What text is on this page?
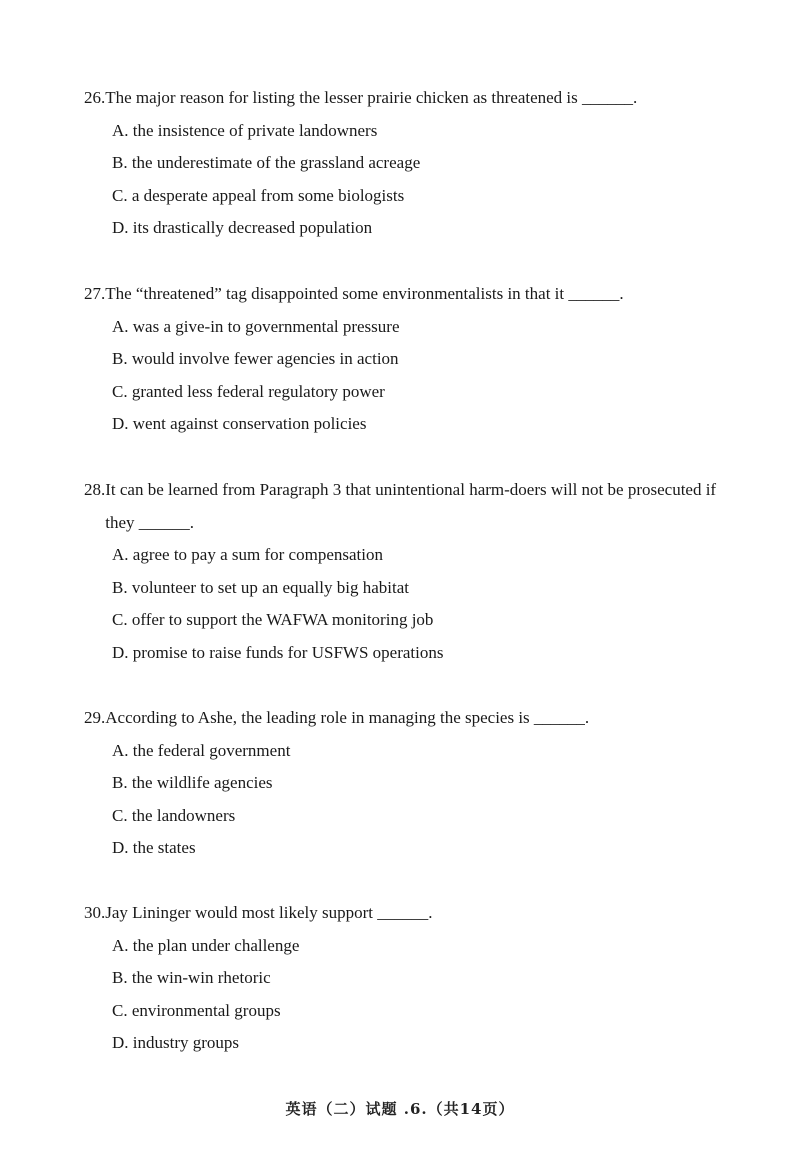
26. The major reason for listing the lesser prairie chicken as threatened is ______.
A. the insistence of private landowners
B. the underestimate of the grassland acreage
C. a desperate appeal from some biologists
D. its drastically decreased population
27. The “threatened” tag disappointed some environmentalists in that it ______.
A. was a give-in to governmental pressure
B. would involve fewer agencies in action
C. granted less federal regulatory power
D. went against conservation policies
28. It can be learned from Paragraph 3 that unintentional harm-doers will not be prosecuted if they ______.
A. agree to pay a sum for compensation
B. volunteer to set up an equally big habitat
C. offer to support the WAFWA monitoring job
D. promise to raise funds for USFWS operations
29. According to Ashe, the leading role in managing the species is ______.
A. the federal government
B. the wildlife agencies
C. the landowners
D. the states
30. Jay Lininger would most likely support ______.
A. the plan under challenge
B. the win-win rhetoric
C. environmental groups
D. industry groups
英语（二）试题 .6.（共14页）
